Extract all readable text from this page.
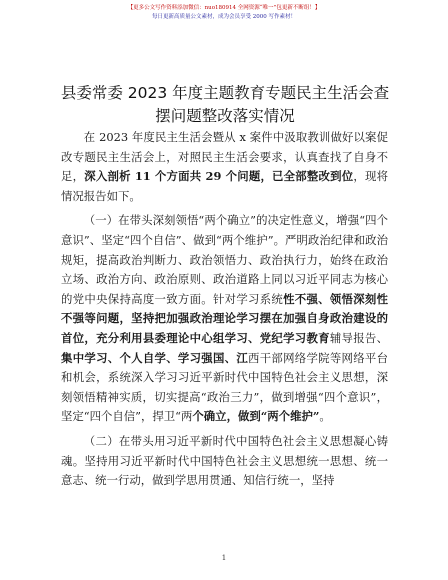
【更多公文写作资料添加微信：nuo180914 全网资源“唯一”包更新不断组！】
每日更新高质量公文素材，成为会员享受 2000 写作素材！
县委常委 2023 年度主题教育专题民主生活会查摆问题整改落实情况

在 2023 年度民主生活会暨从 x 案件中汲取教训做好以案促改专题民主生活会上，对照民主生活会要求，认真查找了自身不足，深入剖析 11 个方面共 29 个问题，已全部整改到位，现将情况报告如下。

（一）在带头深刻领悟“两个确立”的决定性意义，增强“四个意识”、坚定“四个自信”、做到“两个维护”。严明政治纪律和政治规矩，提高政治判断力、政治领悟力、政治执行力，始终在政治立场、政治方向、政治原则、政治道路上同以习近平同志为核心的党中央保持高度一致方面。针对学习系统性不强、领悟深刻性不强等问题，坚持把加强政治理论学习摆在加强自身政治建设的首位，充分利用县委理论中心组学习、党纪学习教育辅导报告、集中学习、个人自学、学习强国、江西干部网络学院等网络平台和机会，系统深入学习习近平新时代中国特色社会主义思想，深刻领悟精神实质，切实提高“政治三力”，做到增强“四个意识”，坚定“四个自信”，捍卫“两个确立，做到“两个维护”。

（二）在带头用习近平新时代中国特色社会主义思想凝心铸魂。坚持用习近平新时代中国特色社会主义思想统一思想、统一意志、统一行动，做到学思用贯通、知信行统一，坚持

1
